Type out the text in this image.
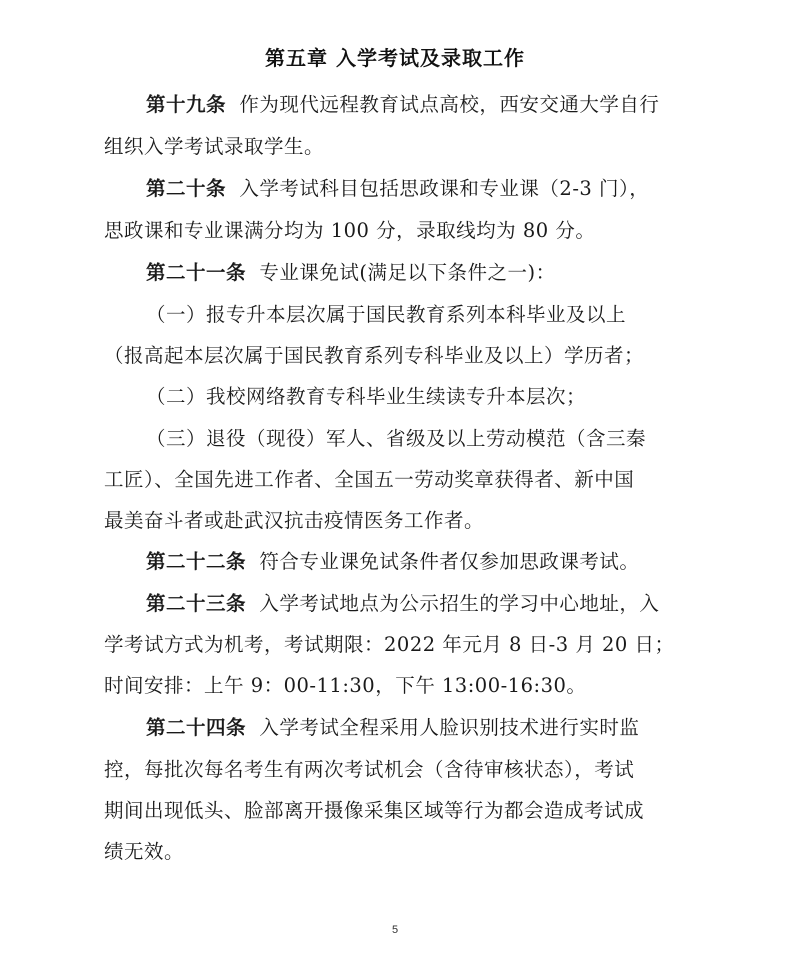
第五章 入学考试及录取工作
第十九条 作为现代远程教育试点高校，西安交通大学自行
组织入学考试录取学生。
第二十条 入学考试科目包括思政课和专业课（2-3 门），
思政课和专业课满分均为 100 分，录取线均为 80 分。
第二十一条 专业课免试(满足以下条件之一)：
（一）报专升本层次属于国民教育系列本科毕业及以上
（报高起本层次属于国民教育系列专科毕业及以上）学历者；
（二）我校网络教育专科毕业生续读专升本层次；
（三）退役（现役）军人、省级及以上劳动模范（含三秦
工匠）、全国先进工作者、全国五一劳动奖章获得者、新中国
最美奋斗者或赴武汉抗击疫情医务工作者。
第二十二条 符合专业课免试条件者仅参加思政课考试。
第二十三条 入学考试地点为公示招生的学习中心地址，入
学考试方式为机考，考试期限：2022 年元月 8 日-3 月 20 日；
时间安排：上午 9：00-11:30，下午 13:00-16:30。
第二十四条 入学考试全程采用人脸识别技术进行实时监
控，每批次每名考生有两次考试机会（含待审核状态），考试
期间出现低头、脸部离开摄像采集区域等行为都会造成考试成
绩无效。
5
